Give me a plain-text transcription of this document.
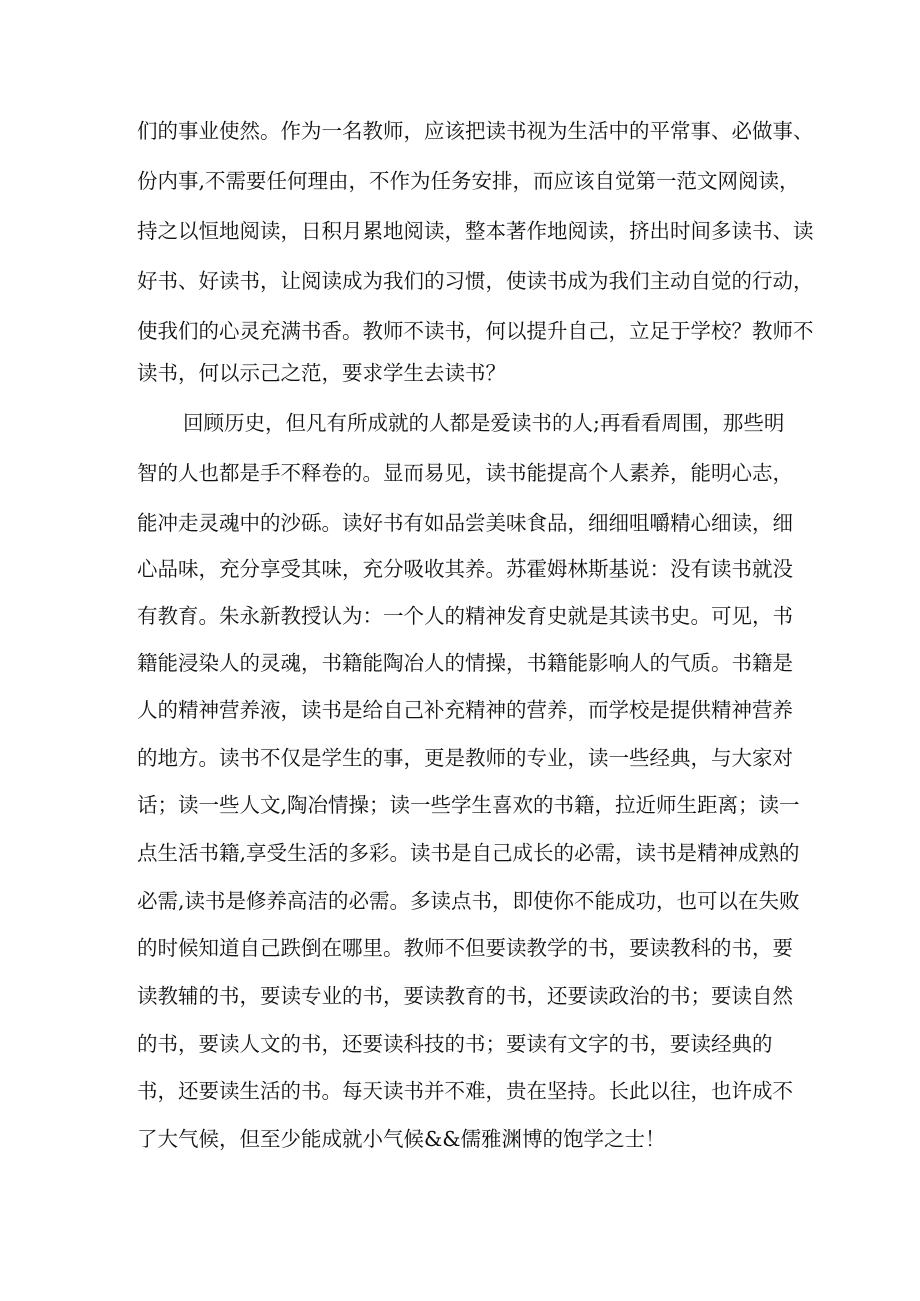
们的事业使然。作为一名教师，应该把读书视为生活中的平常事、必做事、

份内事,不需要任何理由，不作为任务安排，而应该自觉第一范文网阅读，

持之以恒地阅读，日积月累地阅读，整本著作地阅读，挤出时间多读书、读

好书、好读书，让阅读成为我们的习惯，使读书成为我们主动自觉的行动，

使我们的心灵充满书香。教师不读书，何以提升自己，立足于学校？教师不

读书，何以示己之范，要求学生去读书？

回顾历史，但凡有所成就的人都是爱读书的人;再看看周围，那些明

智的人也都是手不释卷的。显而易见，读书能提高个人素养，能明心志，

能冲走灵魂中的沙砾。读好书有如品尝美味食品，细细咀嚼精心细读，细

心品味，充分享受其味，充分吸收其养。苏霍姆林斯基说：没有读书就没

有教育。朱永新教授认为：一个人的精神发育史就是其读书史。可见，书

籍能浸染人的灵魂，书籍能陶冶人的情操，书籍能影响人的气质。书籍是

人的精神营养液，读书是给自己补充精神的营养，而学校是提供精神营养

的地方。读书不仅是学生的事，更是教师的专业，读一些经典，与大家对

话；读一些人文,陶冶情操；读一些学生喜欢的书籍，拉近师生距离；读一

点生活书籍,享受生活的多彩。读书是自己成长的必需，读书是精神成熟的

必需,读书是修养高洁的必需。多读点书，即使你不能成功，也可以在失败

的时候知道自己跌倒在哪里。教师不但要读教学的书，要读教科的书，要

读教辅的书，要读专业的书，要读教育的书，还要读政治的书；要读自然

的书，要读人文的书，还要读科技的书；要读有文字的书，要读经典的

书，还要读生活的书。每天读书并不难，贵在坚持。长此以往，也许成不

了大气候，但至少能成就小气候&&儒雅渊博的饱学之士！
